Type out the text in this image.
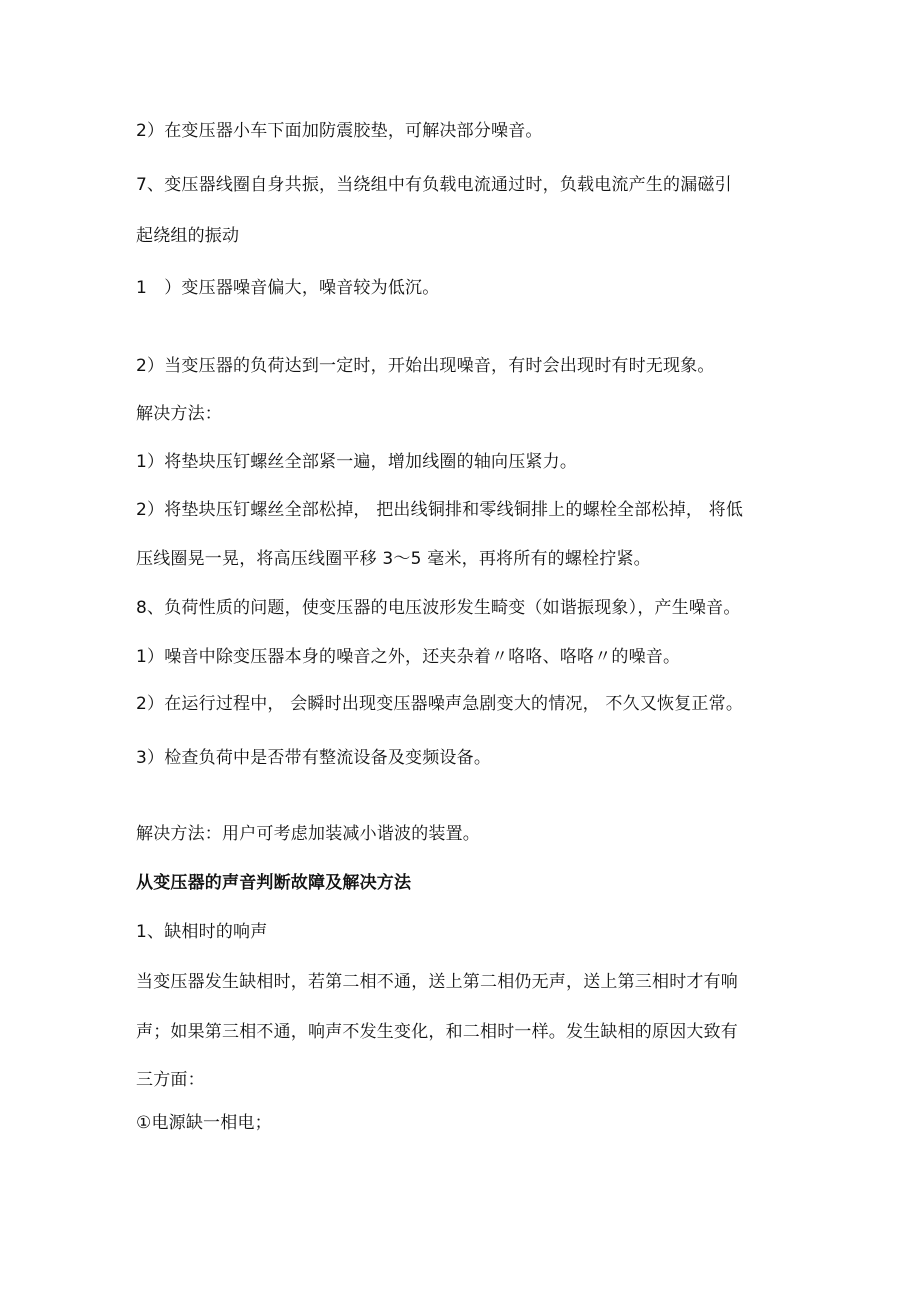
2）在变压器小车下面加防震胶垫，可解决部分噪音。
7、变压器线圈自身共振，当绕组中有负载电流通过时，负载电流产生的漏磁引
起绕组的振动
1　）变压器噪音偏大，噪音较为低沉。
2）当变压器的负荷达到一定时，开始出现噪音，有时会出现时有时无现象。
解决方法：
1）将垫块压钉螺丝全部紧一遍，增加线圈的轴向压紧力。
2）将垫块压钉螺丝全部松掉， 把出线铜排和零线铜排上的螺栓全部松掉， 将低
压线圈晃一晃，将高压线圈平移 3～5 毫米，再将所有的螺栓拧紧。
8、负荷性质的问题，使变压器的电压波形发生畸变（如谐振现象），产生噪音。
1）噪音中除变压器本身的噪音之外，还夹杂着〃咯咯、咯咯〃的噪音。
2）在运行过程中， 会瞬时出现变压器噪声急剧变大的情况， 不久又恢复正常。
3）检查负荷中是否带有整流设备及变频设备。
解决方法：用户可考虑加装减小谐波的装置。
从变压器的声音判断故障及解决方法
1、缺相时的响声
当变压器发生缺相时，若第二相不通，送上第二相仍无声，送上第三相时才有响
声；如果第三相不通，响声不发生变化，和二相时一样。发生缺相的原因大致有
三方面：
①电源缺一相电；
